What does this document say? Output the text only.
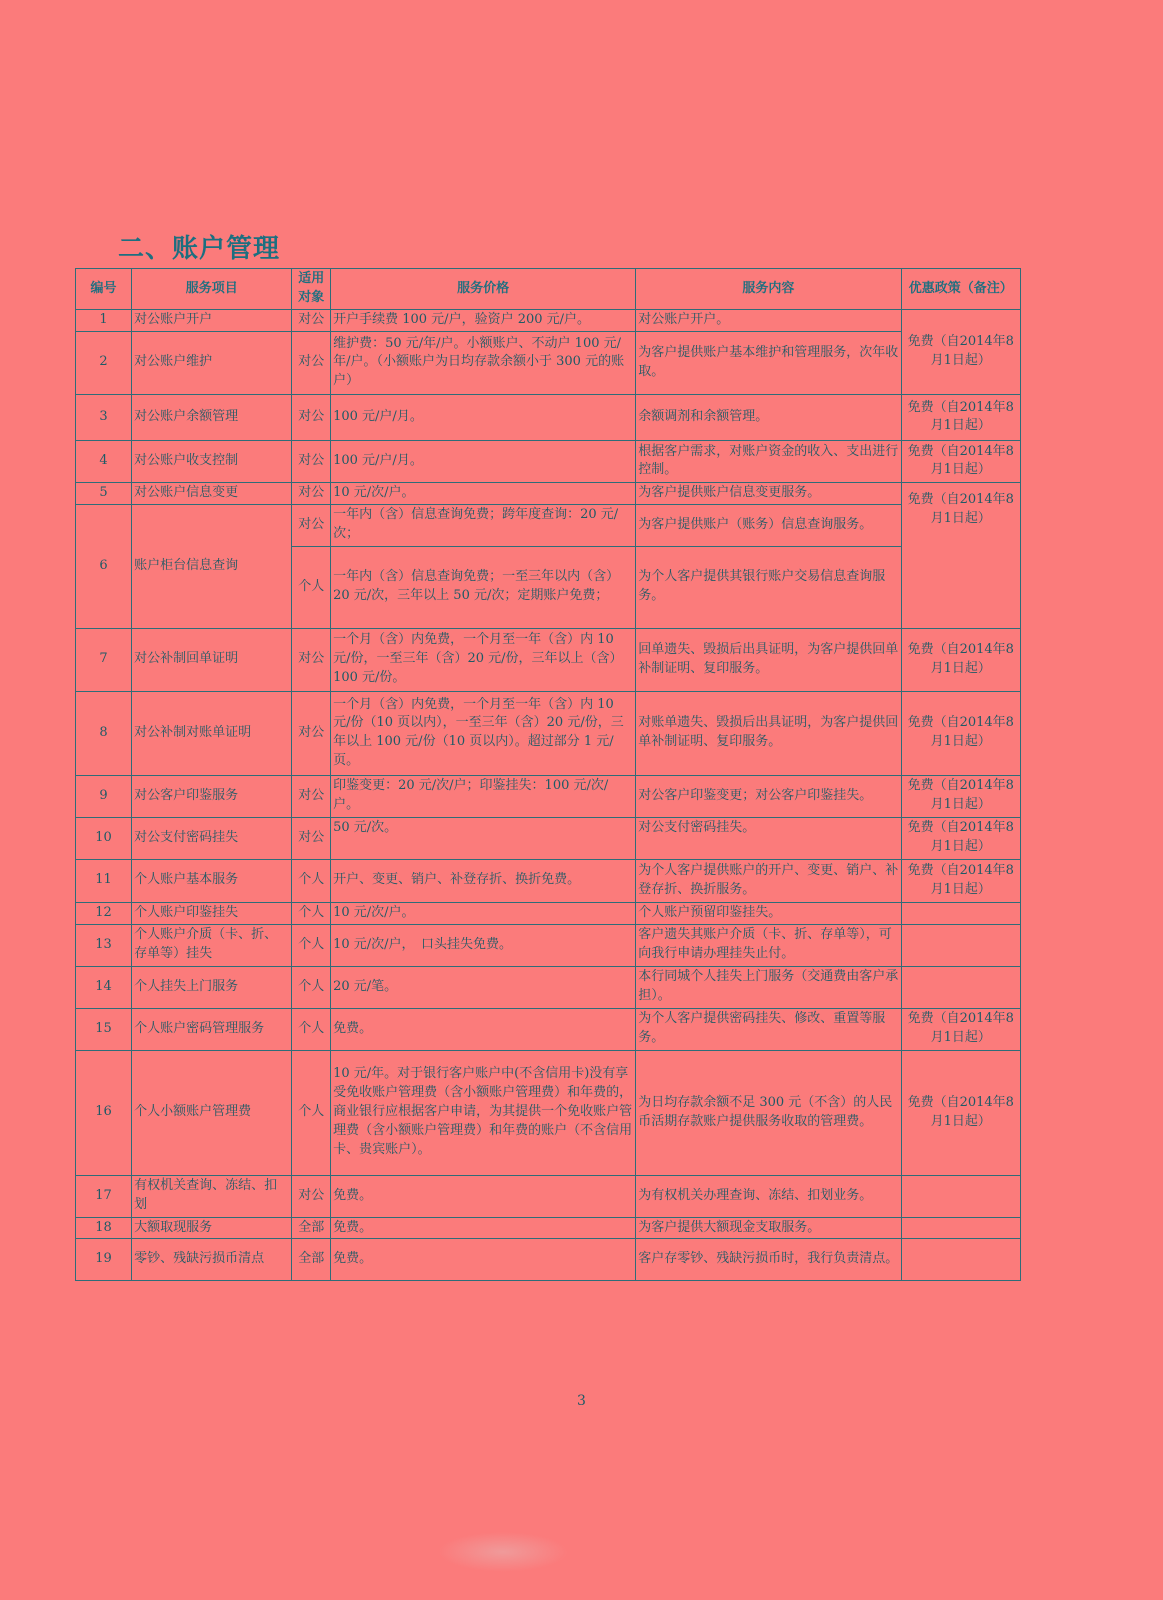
二、账户管理
编号	服务项目	适用对象	服务价格	服务内容	优惠政策（备注）
1	对公账户开户	对公	开户手续费 100 元/户，验资户 200 元/户。	对公账户开户。	免费（自2014年8月1日起）
2	对公账户维护	对公	维护费：50 元/年/户。小额账户、不动户 100 元/年/户。（小额账户为日均存款余额小于 300 元的账户）	为客户提供账户基本维护和管理服务，次年收取。	
3	对公账户余额管理	对公	100 元/户/月。	余额调剂和余额管理。	免费（自2014年8月1日起）
4	对公账户收支控制	对公	100 元/户/月。	根据客户需求，对账户资金的收入、支出进行控制。	免费（自2014年8月1日起）
5	对公账户信息变更	对公	10 元/次/户。	为客户提供账户信息变更服务。	免费（自2014年8月1日起）
6	账户柜台信息查询	对公	一年内（含）信息查询免费；跨年度查询：20 元/次；	为客户提供账户（账务）信息查询服务。	
		个人	一年内（含）信息查询免费；一至三年以内（含）20 元/次，三年以上 50 元/次；定期账户免费；	为个人客户提供其银行账户交易信息查询服务。	
7	对公补制回单证明	对公	一个月（含）内免费，一个月至一年（含）内 10 元/份，一至三年（含）20 元/份，三年以上（含）100 元/份。	回单遗失、毁损后出具证明，为客户提供回单补制证明、复印服务。	免费（自2014年8月1日起）
8	对公补制对账单证明	对公	一个月（含）内免费，一个月至一年（含）内 10 元/份（10 页以内），一至三年（含）20 元/份，三年以上 100 元/份（10 页以内）。超过部分 1 元/页。	对账单遗失、毁损后出具证明，为客户提供回单补制证明、复印服务。	免费（自2014年8月1日起）
9	对公客户印鉴服务	对公	印鉴变更：20 元/次/户；印鉴挂失：100 元/次/户。	对公客户印鉴变更；对公客户印鉴挂失。	免费（自2014年8月1日起）
10	对公支付密码挂失	对公	50 元/次。	对公支付密码挂失。	免费（自2014年8月1日起）
11	个人账户基本服务	个人	开户、变更、销户、补登存折、换折免费。	为个人客户提供账户的开户、变更、销户、补登存折、换折服务。	免费（自2014年8月1日起）
12	个人账户印鉴挂失	个人	10 元/次/户。	个人账户预留印鉴挂失。	
13	个人账户介质（卡、折、存单等）挂失	个人	10 元/次/户，　口头挂失免费。	客户遗失其账户介质（卡、折、存单等），可向我行申请办理挂失止付。	
14	个人挂失上门服务	个人	20 元/笔。	本行同城个人挂失上门服务（交通费由客户承担）。	
15	个人账户密码管理服务	个人	免费。	为个人客户提供密码挂失、修改、重置等服务。	免费（自2014年8月1日起）
16	个人小额账户管理费	个人	10 元/年。对于银行客户账户中(不含信用卡)没有享受免收账户管理费（含小额账户管理费）和年费的，商业银行应根据客户申请，为其提供一个免收账户管理费（含小额账户管理费）和年费的账户（不含信用卡、贵宾账户）。	为日均存款余额不足 300 元（不含）的人民币活期存款账户提供服务收取的管理费。	免费（自2014年8月1日起）
17	有权机关查询、冻结、扣划	对公	免费。	为有权机关办理查询、冻结、扣划业务。	
18	大额取现服务	全部	免费。	为客户提供大额现金支取服务。	
19	零钞、残缺污损币清点	全部	免费。	客户存零钞、残缺污损币时，我行负责清点。	
3
